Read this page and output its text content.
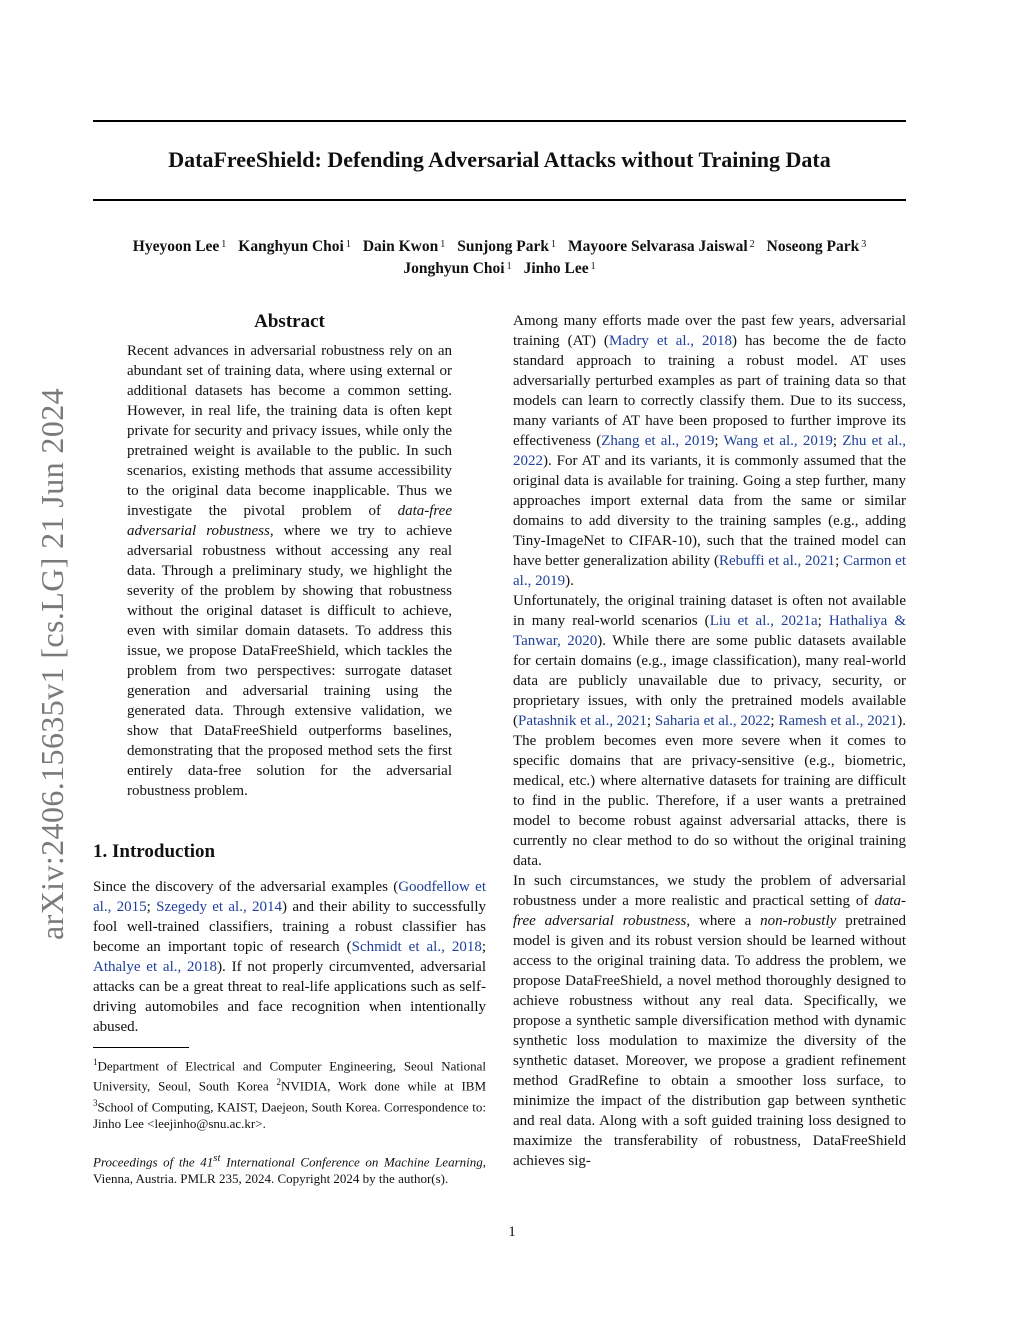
arXiv:2406.15635v1 [cs.LG] 21 Jun 2024
DataFreeShield: Defending Adversarial Attacks without Training Data
Hyeyoon Lee $^1$ Kanghyun Choi $^1$ Dain Kwon $^1$ Sunjong Park $^1$ Mayoore Selvarasa Jaiswal $^2$ Noseong Park $^3$
Jonghyun Choi $^1$ Jinho Lee $^1$
Abstract
Recent advances in adversarial robustness rely on an abundant set of training data, where using external or additional datasets has become a common setting. However, in real life, the training data is often kept private for security and privacy issues, while only the pretrained weight is available to the public. In such scenarios, existing methods that assume accessibility to the original data become inapplicable. Thus we investigate the pivotal problem of data-free adversarial robustness, where we try to achieve adversarial robustness without accessing any real data. Through a preliminary study, we highlight the severity of the problem by showing that robustness without the original dataset is difficult to achieve, even with similar domain datasets. To address this issue, we propose DataFreeShield, which tackles the problem from two perspectives: surrogate dataset generation and adversarial training using the generated data. Through extensive validation, we show that DataFreeShield outperforms baselines, demonstrating that the proposed method sets the first entirely data-free solution for the adversarial robustness problem.
1. Introduction

Since the discovery of the adversarial examples (Goodfellow et al., 2015; Szegedy et al., 2014) and their ability to successfully fool well-trained classifiers, training a robust classifier has become an important topic of research (Schmidt et al., 2018; Athalye et al., 2018). If not properly circumvented, adversarial attacks can be a great threat to real-life applications such as self-driving automobiles and face recognition when intentionally abused.

$^1$Department of Electrical and Computer Engineering, Seoul National University, Seoul, South Korea $^2$NVIDIA, Work done while at IBM $^3$School of Computing, KAIST, Daejeon, South Korea. Correspondence to: Jinho Lee <leejinho@snu.ac.kr>.

Proceedings of the 41st International Conference on Machine Learning, Vienna, Austria. PMLR 235, 2024. Copyright 2024 by the author(s).

Among many efforts made over the past few years, adversarial training (AT) (Madry et al., 2018) has become the de facto standard approach to training a robust model. AT uses adversarially perturbed examples as part of training data so that models can learn to correctly classify them. Due to its success, many variants of AT have been proposed to further improve its effectiveness (Zhang et al., 2019; Wang et al., 2019; Zhu et al., 2022). For AT and its variants, it is commonly assumed that the original data is available for training. Going a step further, many approaches import external data from the same or similar domains to add diversity to the training samples (e.g., adding Tiny-ImageNet to CIFAR-10), such that the trained model can have better generalization ability (Rebuffi et al., 2021; Carmon et al., 2019).

Unfortunately, the original training dataset is often not available in many real-world scenarios (Liu et al., 2021a; Hathaliya & Tanwar, 2020). While there are some public datasets available for certain domains (e.g., image classification), many real-world data are publicly unavailable due to privacy, security, or proprietary issues, with only the pretrained models available (Patashnik et al., 2021; Saharia et al., 2022; Ramesh et al., 2021). The problem becomes even more severe when it comes to specific domains that are privacy-sensitive (e.g., biometric, medical, etc.) where alternative datasets for training are difficult to find in the public. Therefore, if a user wants a pretrained model to become robust against adversarial attacks, there is currently no clear method to do so without the original training data.

In such circumstances, we study the problem of adversarial robustness under a more realistic and practical setting of data-free adversarial robustness, where a non-robustly pretrained model is given and its robust version should be learned without access to the original training data. To address the problem, we propose DataFreeShield, a novel method thoroughly designed to achieve robustness without any real data. Specifically, we propose a synthetic sample diversification method with dynamic synthetic loss modulation to maximize the diversity of the synthetic dataset. Moreover, we propose a gradient refinement method GradRefine to obtain a smoother loss surface, to minimize the impact of the distribution gap between synthetic and real data. Along with a soft guided training loss designed to maximize the transferability of robustness, DataFreeShield achieves sig-

1
